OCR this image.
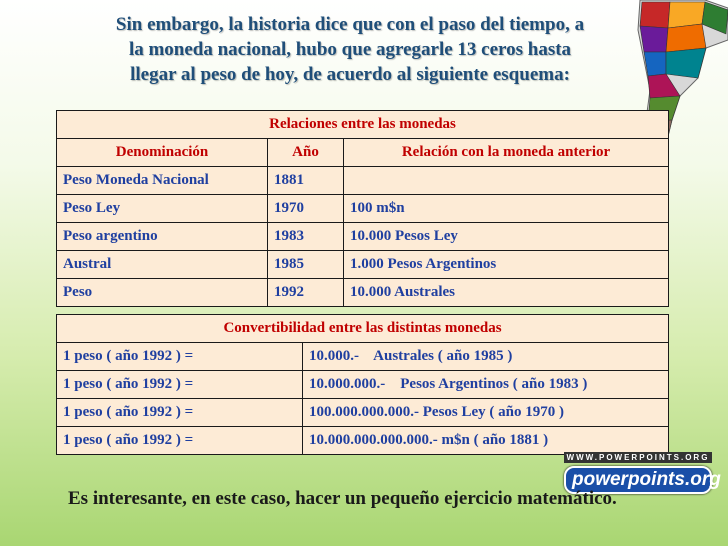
Sin embargo, la historia dice que con el paso del tiempo, a
la moneda nacional, hubo que agregarle 13 ceros hasta
llegar al peso de hoy, de acuerdo al siguiente esquema:
Relaciones entre las monedas		
Denominación	Año	Relación con la moneda anterior
Peso Moneda Nacional	1881	
Peso Ley	1970	100 m$n
Peso argentino	1983	10.000 Pesos Ley
Austral	1985	1.000 Pesos Argentinos
Peso	1992	10.000 Australes
Convertibilidad entre las distintas monedas	
1 peso ( año 1992 ) =	10.000.-    Australes ( año 1985 )
1 peso ( año 1992 ) =	10.000.000.-    Pesos Argentinos ( año 1983 )
1 peso ( año 1992 ) =	100.000.000.000.- Pesos Ley ( año 1970 )
1 peso ( año 1992 ) =	10.000.000.000.000.- m$n ( año 1881 )
WWW.POWERPOINTS.ORG
powerpoints.org
Es interesante, en este caso, hacer un pequeño ejercicio matemático.
